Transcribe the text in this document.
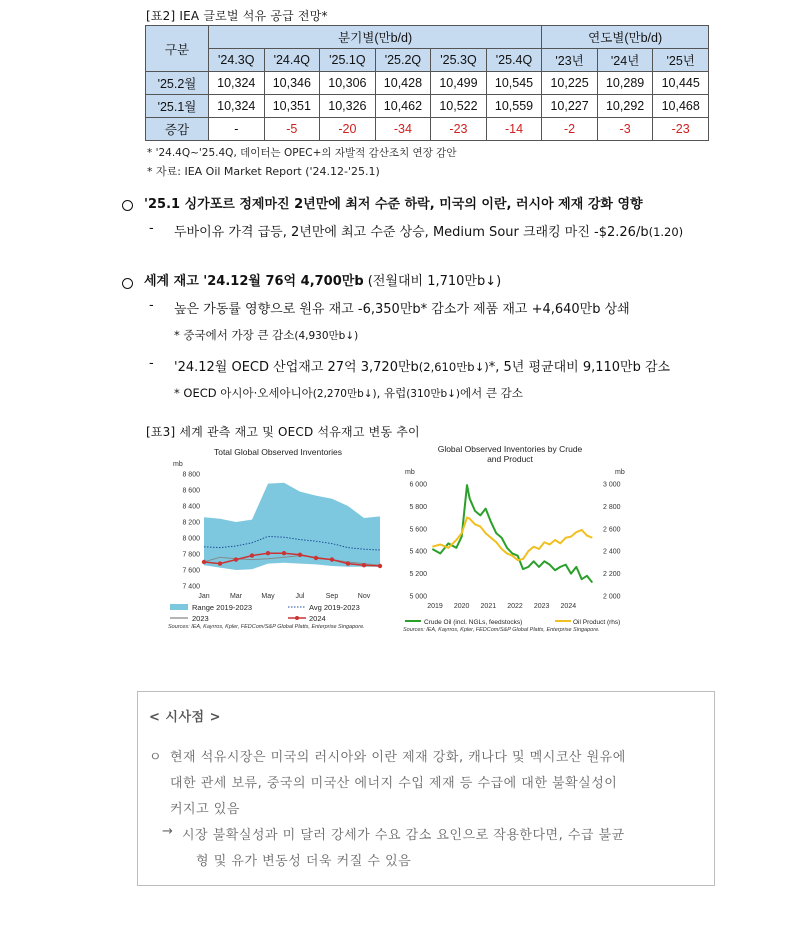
[표2] IEA 글로벌 석유 공급 전망*
구분	분기별(만b/d)						연도별(만b/d)		
	'24.3Q	'24.4Q	'25.1Q	'25.2Q	'25.3Q	'25.4Q	'23년	'24년	'25년
'25.2월	10,324	10,346	10,306	10,428	10,499	10,545	10,225	10,289	10,445
'25.1월	10,324	10,351	10,326	10,462	10,522	10,559	10,227	10,292	10,468
증감	-	-5	-20	-34	-23	-14	-2	-3	-23
* '24.4Q~'25.4Q, 데이터는 OPEC+의 자발적 감산조치 연장 감안
* 자료: IEA Oil Market Report ('24.12-'25.1)
'25.1 싱가포르 정제마진 2년만에 최저 수준 하락, 미국의 이란, 러시아 제재 강화 영향
- 두바이유 가격 급등, 2년만에 최고 수준 상승, Medium Sour 크래킹 마진 -$2.26/b(1.20)
세계 재고 '24.12월 76억 4,700만b (전월대비 1,710만b↓)
- 높은 가동률 영향으로 원유 재고 -6,350만b* 감소가 제품 재고 +4,640만b 상쇄
* 중국에서 가장 큰 감소(4,930만b↓)
- '24.12월 OECD 산업재고 27억 3,720만b(2,610만b↓)*, 5년 평균대비 9,110만b 감소
* OECD 아시아·오세아니아(2,270만b↓), 유럽(310만b↓)에서 큰 감소
[표3] 세계 관측 재고 및 OECD 석유재고 변동 추이
Total Global Observed Inventories
mb
7 400
7 600
7 800
8 000
8 200
8 400
8 600
8 800
Jan	Mar	May	Jul	Sep	Nov
Range 2019-2023	Avg 2019-2023
2023	2024
Sources: IEA, Kayrros, Kpler, FEDCom/S&P Global Platts, Enterprise Singapore.
Global Observed Inventories by Crude and Product
mb	mb
5 000
5 200
5 400
5 600
5 800
6 000
2 000
2 200
2 400
2 600
2 800
3 000
2019 2020 2021 2022 2023 2024
Crude Oil (incl. NGLs, feedstocks)	Oil Product (rhs)
Sources: IEA, Kayrros, Kpler, FEDCom/S&P Global Platts, Enterprise Singapore.
< 시사점 >
ㅇ 현재 석유시장은 미국의 러시아와 이란 제재 강화, 캐나다 및 멕시코산 원유에
대한 관세 보류, 중국의 미국산 에너지 수입 제재 등 수급에 대한 불확실성이
커지고 있음
→ 시장 불확실성과 미 달러 강세가 수요 감소 요인으로 작용한다면, 수급 불균
형 및 유가 변동성 더욱 커질 수 있음
